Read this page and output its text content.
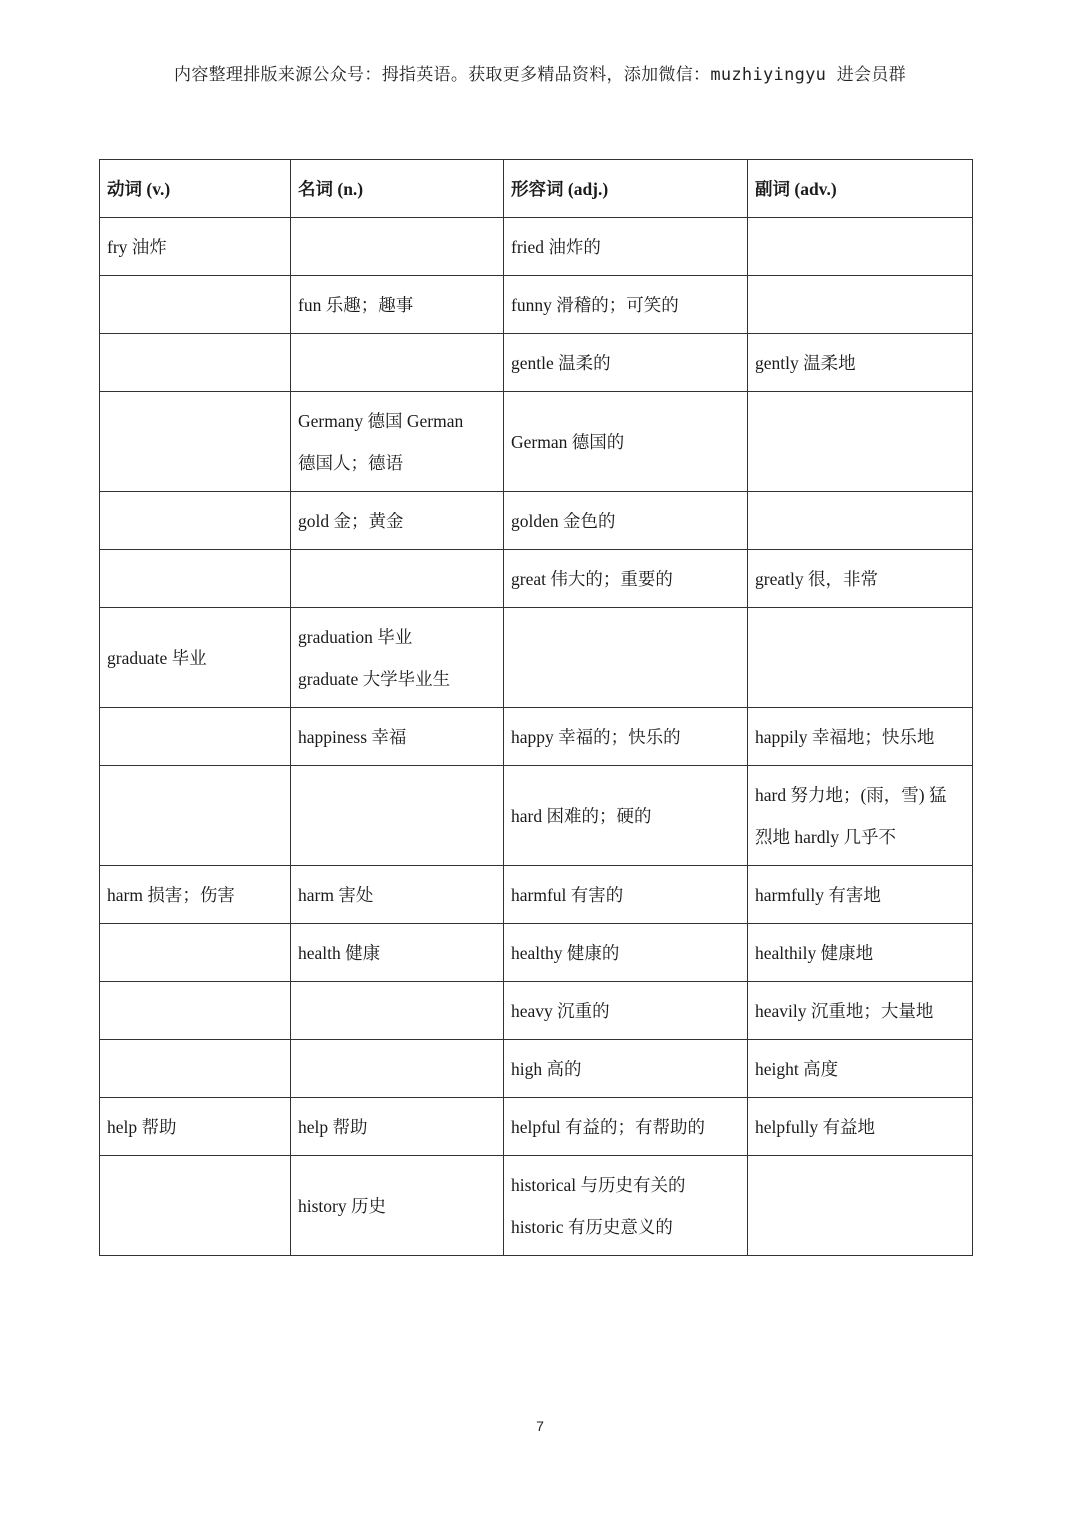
内容整理排版来源公众号：拇指英语。获取更多精品资料，添加微信：muzhiyingyu 进会员群
动词 (v.)	名词 (n.)	形容词 (adj.)	副词 (adv.)

fry 油炸		fried 油炸的	

	fun 乐趣；趣事	funny 滑稽的；可笑的	

		gentle 温柔的	gently 温柔地

	Germany 德国 German
德国人；德语	German 德国的	

	gold 金；黄金	golden 金色的	

		great 伟大的；重要的	greatly 很，非常

graduate 毕业	graduation 毕业
graduate 大学毕业生		

	happiness 幸福	happy 幸福的；快乐的	happily 幸福地；快乐地

		hard 困难的；硬的	hard 努力地；(雨，雪) 猛
烈地 hardly 几乎不

harm 损害；伤害	harm 害处	harmful 有害的	harmfully 有害地

	health 健康	healthy 健康的	healthily 健康地

		heavy 沉重的	heavily 沉重地；大量地

		high 高的	height 高度

help 帮助	help 帮助	helpful 有益的；有帮助的	helpfully 有益地

	history 历史	historical 与历史有关的
historic 有历史意义的	

7
